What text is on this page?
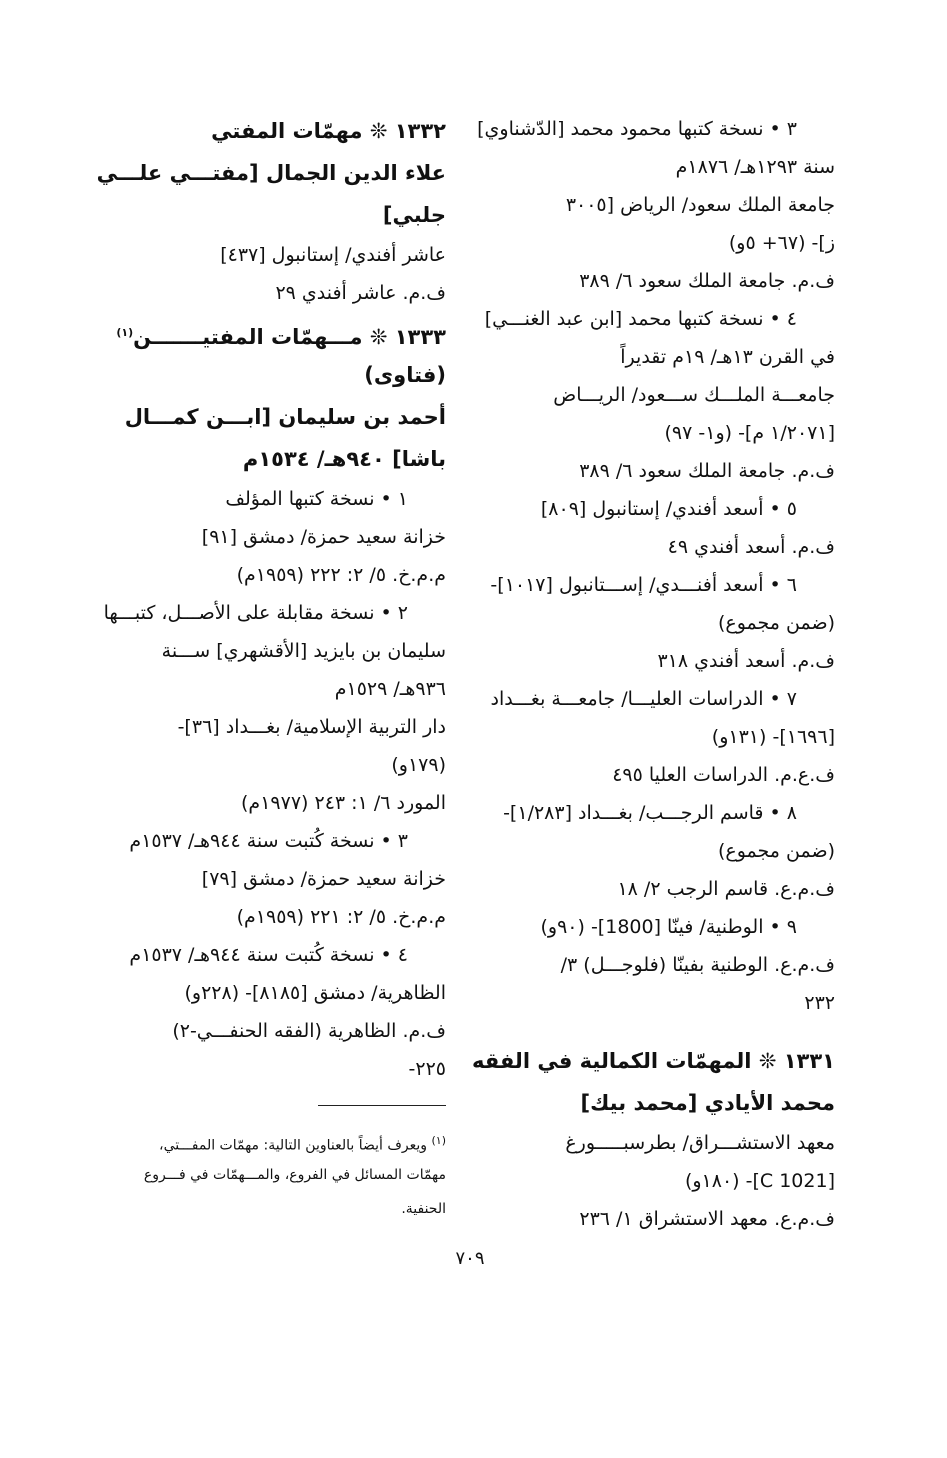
٣ • نسخة كتبها محمود محمد [الدّشناوي]
سنة ١٢٩٣هـ/ ١٨٧٦م
جامعة الملك سعود/ الرياض [٣٠٠٥
ز]- (٦٧+ ٥و)
ف.م. جامعة الملك سعود ٦/ ٣٨٩
٤ • نسخة كتبها محمد [ابن عبد الغنـــي]
في القرن ١٣هـ/ ١٩م تقديراً
جامعـــة الملـــك ســـعود/ الريـــاض
[١/٢٠٧١ م]- (و١- ٩٧)
ف.م. جامعة الملك سعود ٦/ ٣٨٩
٥ • أسعد أفندي/ إستانبول [٨٠٩]
ف.م. أسعد أفندي ٤٩
٦ • أسعد أفنـــدي/ إســـتانبول [١٠١٧]-
(ضمن مجموع)
ف.م. أسعد أفندي ٣١٨
٧ • الدراسات العليـــا/ جامعـــة بغـــداد
[١٦٩٦]- (١٣١و)
ف.ع.م. الدراسات العليا ٤٩٥
٨ • قاسم الرجـــب/ بغـــداد [١/٢٨٣]-
(ضمن مجموع)
ف.م.ع. قاسم الرجب ٢/ ١٨
٩ • الوطنية/ فينّا [1800]- (٩٠و)
ف.م.ع. الوطنية بفينّا (فلوجـــل) ٣/
٢٣٢
١٣٣١ ❊ المهمّات الكمالية في الفقه
محمد الأيادي [محمد بيك]
معهد الاستشـــراق/ بطرسبـــــورغ
[C 1021]- (١٨٠و)
ف.م.ع. معهد الاستشراق ١/ ٢٣٦
١٣٣٢ ❊ مهمّات المفتي
علاء الدين الجمال [مفتـــي علـــي
جلبي]
عاشر أفندي/ إستانبول [٤٣٧]
ف.م. عاشر أفندي ٢٩
١٣٣٣ ❊ مـــهمّات المفتيـــــــن$^{(١)}$
(فتاوى)
أحمد بن سليمان [ابـــن كمـــال
باشا] ٩٤٠هـ/ ١٥٣٤م
١ • نسخة كتبها المؤلف
خزانة سعيد حمزة/ دمشق [٩١]
م.م.خ. ٥/ ٢: ٢٢٢ (١٩٥٩م)
٢ • نسخة مقابلة على الأصـــل، كتبـــها
سليمان بن بايزيد [الأقشهري] ســـنة
٩٣٦هـ/ ١٥٢٩م
دار التربية الإسلامية/ بغـــداد [٣٦]-
(١٧٩و)
المورد ٦/ ١: ٢٤٣ (١٩٧٧م)
٣ • نسخة كُتبت سنة ٩٤٤هـ/ ١٥٣٧م
خزانة سعيد حمزة/ دمشق [٧٩]
م.م.خ. ٥/ ٢: ٢٢١ (١٩٥٩م)
٤ • نسخة كُتبت سنة ٩٤٤هـ/ ١٥٣٧م
الظاهرية/ دمشق [٨١٨٥]- (٢٢٨و)
ف.م. الظاهرية (الفقه الحنفـــي-٢)
٢٢٥-
$^{(١)}$ ويعرف أيضاً بالعناوين التالية: مهمّات المفـــتي،
مهمّات المسائل في الفروع، والمـــهمّات في فـــروع
الحنفية.
٧٠٩
